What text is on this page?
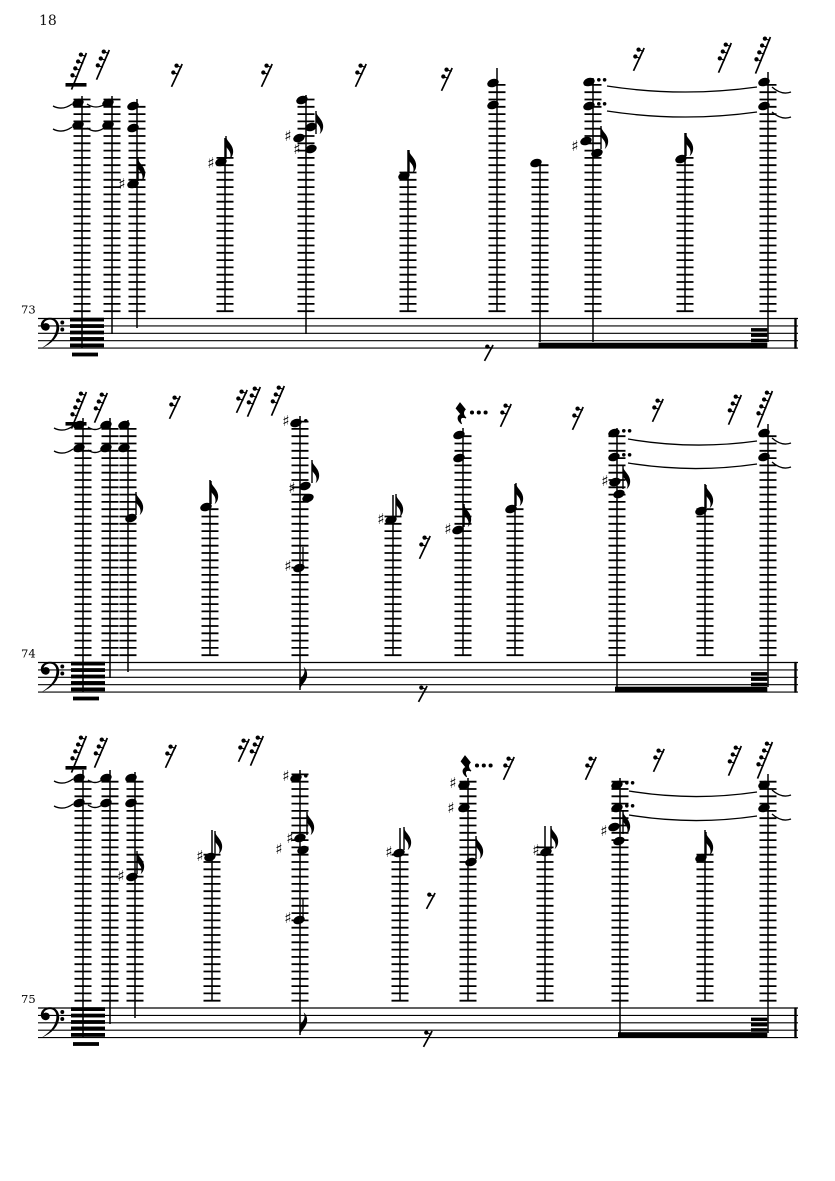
18
73
♯
♯
♯
♯	♯
74
♯
♯
♯
♯
♯
♯
75
♯
♯
♯
♯
♯
♯
♯
♯
♯
♯
♯
